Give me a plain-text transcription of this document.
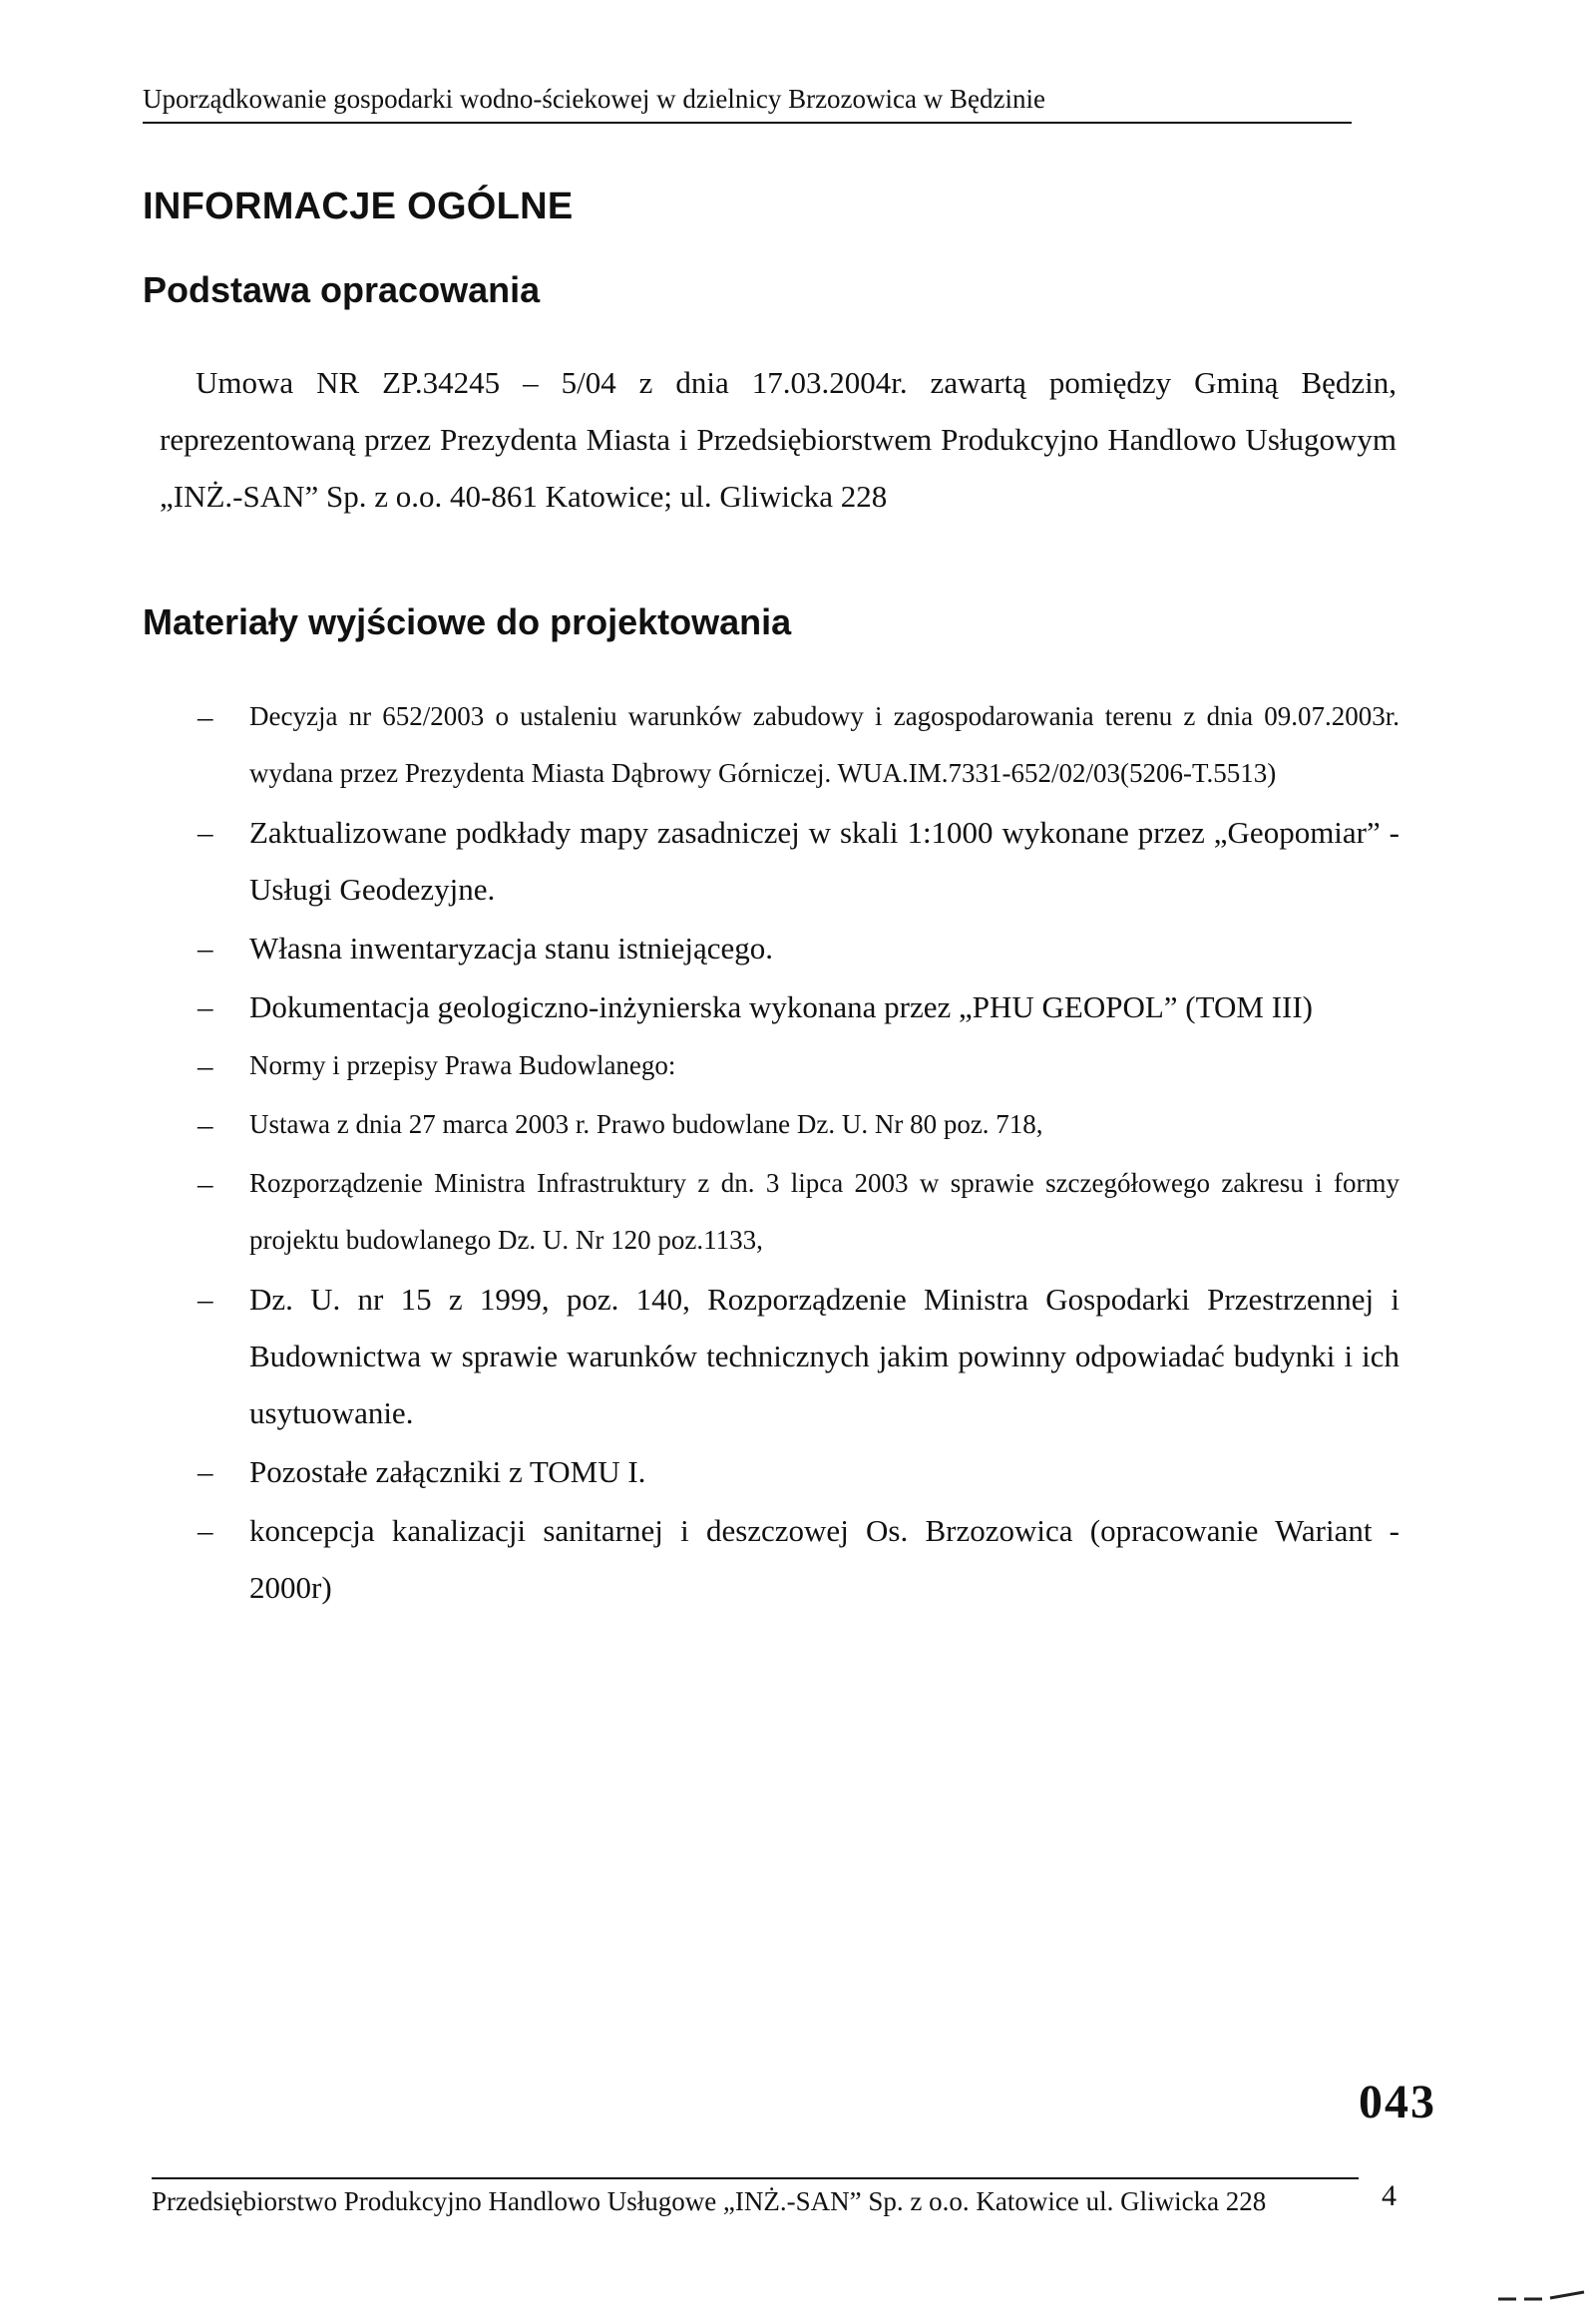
Uporządkowanie gospodarki wodno-ściekowej w dzielnicy Brzozowica w Będzinie
INFORMACJE OGÓLNE
Podstawa opracowania

Umowa NR ZP.34245 – 5/04 z dnia 17.03.2004r. zawartą pomiędzy Gminą Będzin, reprezentowaną przez Prezydenta Miasta i Przedsiębiorstwem Produkcyjno Handlowo Usługowym „INŻ.-SAN” Sp. z o.o. 40-861 Katowice; ul. Gliwicka 228

Materiały wyjściowe do projektowania
– Decyzja nr 652/2003 o ustaleniu warunków zabudowy i zagospodarowania terenu z dnia 09.07.2003r. wydana przez Prezydenta Miasta Dąbrowy Górniczej. WUA.IM.7331-652/02/03(5206-T.5513)
– Zaktualizowane podkłady mapy zasadniczej w skali 1:1000 wykonane przez „Geopomiar” - Usługi Geodezyjne.
– Własna inwentaryzacja stanu istniejącego.
– Dokumentacja geologiczno-inżynierska wykonana przez „PHU GEOPOL” (TOM III)
– Normy i przepisy Prawa Budowlanego:
– Ustawa z dnia 27 marca 2003 r. Prawo budowlane Dz. U. Nr 80 poz. 718,
– Rozporządzenie Ministra Infrastruktury z dn. 3 lipca 2003 w sprawie szczegółowego zakresu i formy projektu budowlanego Dz. U. Nr 120 poz.1133,
– Dz. U. nr 15 z 1999, poz. 140, Rozporządzenie Ministra Gospodarki Przestrzennej i Budownictwa w sprawie warunków technicznych jakim powinny odpowiadać budynki i ich usytuowanie.
– Pozostałe załączniki z TOMU I.
– koncepcja kanalizacji sanitarnej i deszczowej Os. Brzozowica (opracowanie Wariant - 2000r)
043
Przedsiębiorstwo Produkcyjno Handlowo Usługowe „INŻ.-SAN” Sp. z o.o. Katowice ul. Gliwicka 228	4
